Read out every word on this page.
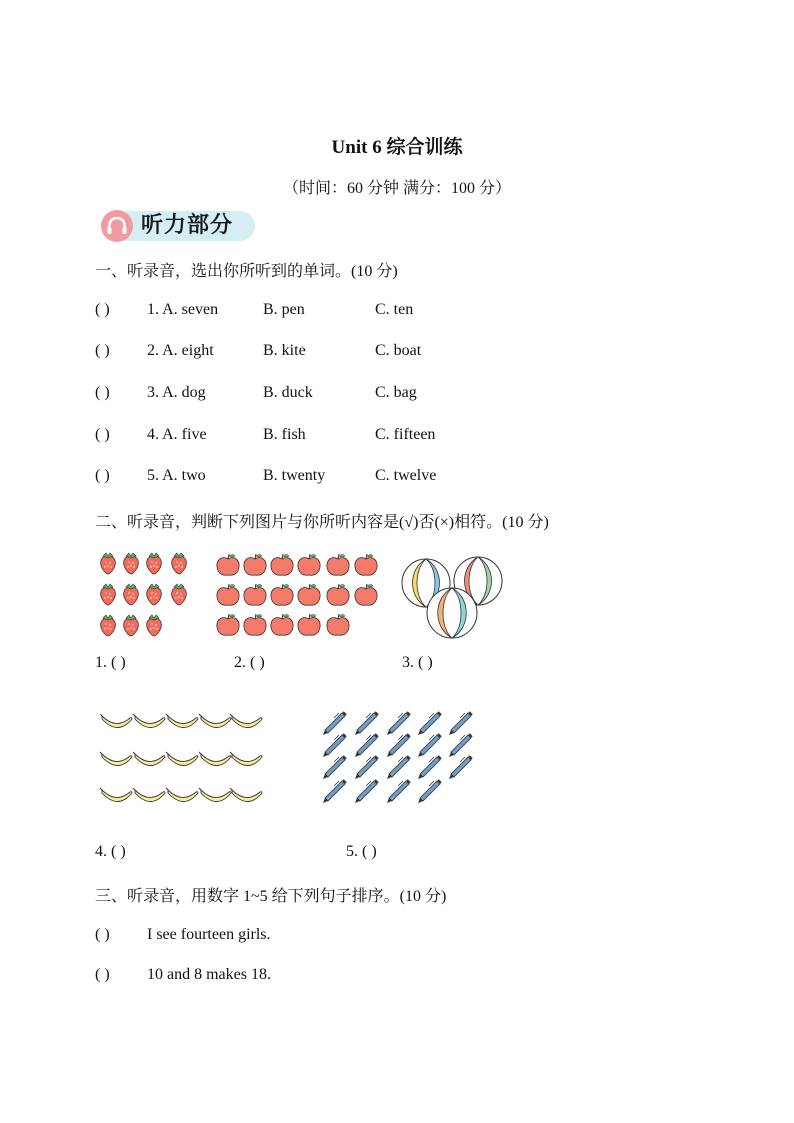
Unit 6 综合训练
（时间：60 分钟 满分：100 分）
听力部分
一、听录音，选出你所听到的单词。(10 分)
( ) 1. A. seven	B. pen	C. ten
( ) 2. A. eight	B. kite	C. boat
( ) 3. A. dog	B. duck	C. bag
( ) 4. A. five	B. fish	C. fifteen
( ) 5. A. two	B. twenty	C. twelve
二、听录音，判断下列图片与你所听内容是(√)否(×)相符。(10 分)
1. ( )	2. ( )	3. ( )
4. ( )	5. ( )
三、听录音，用数字 1~5 给下列句子排序。(10 分)
( ) I see fourteen girls.
( ) 10 and 8 makes 18.
